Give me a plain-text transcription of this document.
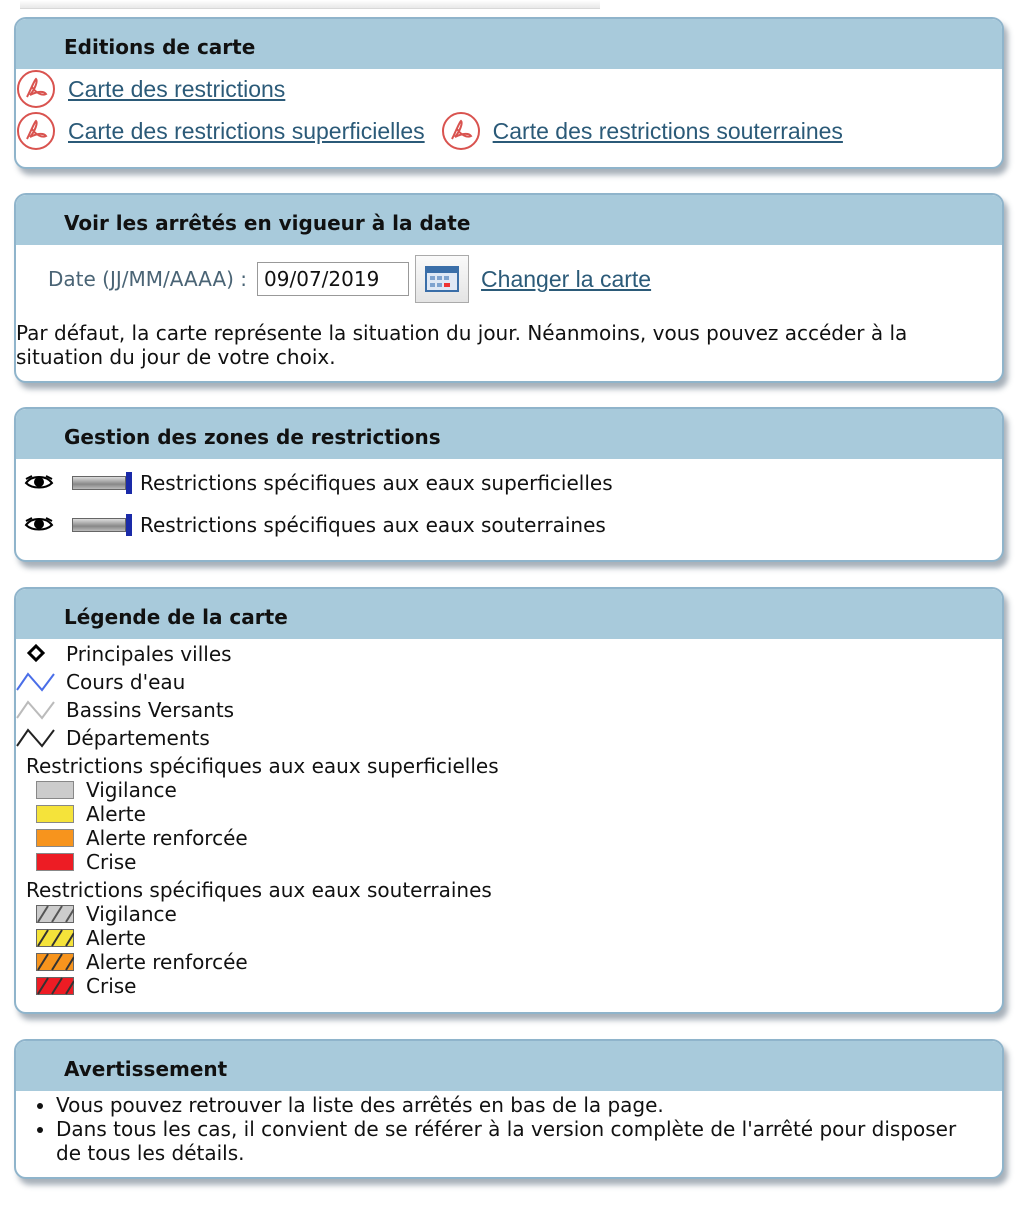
Editions de carte
Carte des restrictions
Carte des restrictions superficielles	Carte des restrictions souterraines
Voir les arrêtés en vigueur à la date
Date (JJ/MM/AAAA) :
09/07/2019	Changer la carte
Par défaut, la carte représente la situation du jour. Néanmoins, vous pouvez accéder à la situation du jour de votre choix.
Gestion des zones de restrictions
Restrictions spécifiques aux eaux superficielles
Restrictions spécifiques aux eaux souterraines
Légende de la carte
Principales villes
Cours d'eau
Bassins Versants
Départements
Restrictions spécifiques aux eaux superficielles
Vigilance
Alerte
Alerte renforcée
Crise
Restrictions spécifiques aux eaux souterraines
Vigilance
Alerte
Alerte renforcée
Crise
Avertissement
• Vous pouvez retrouver la liste des arrêtés en bas de la page.
• Dans tous les cas, il convient de se référer à la version complète de l'arrêté pour disposer de tous les détails.
